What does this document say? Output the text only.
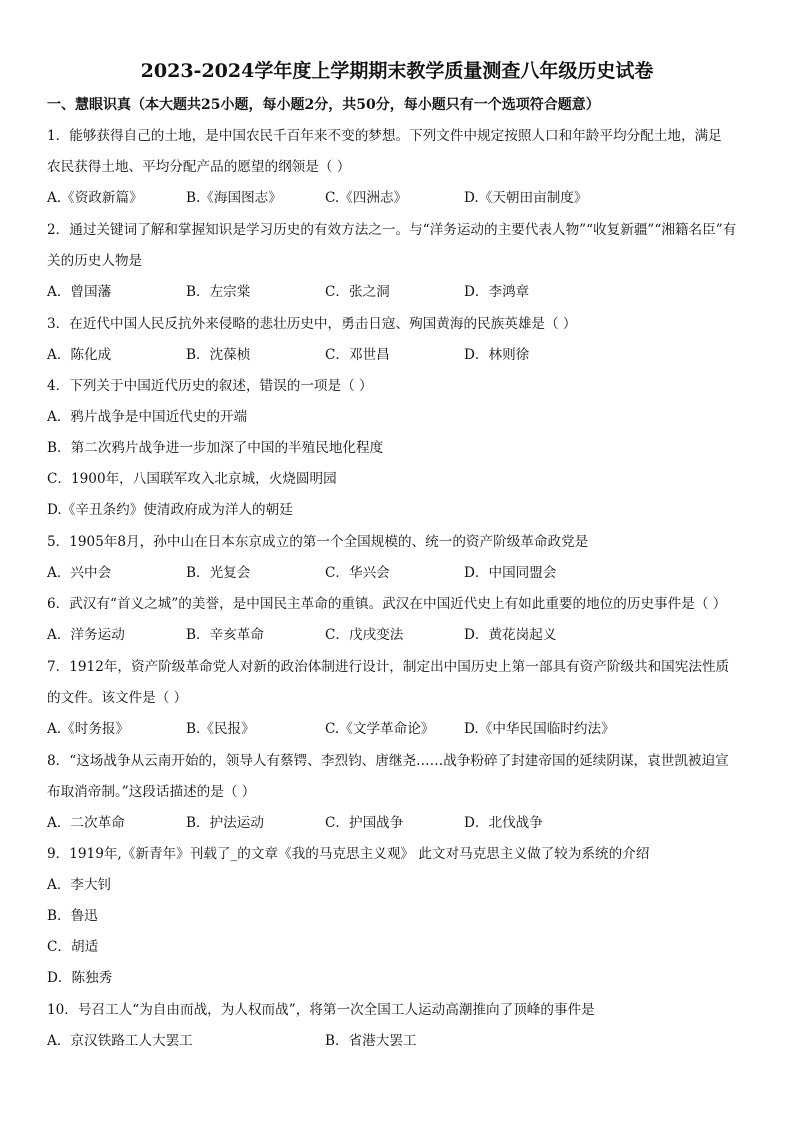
2023-2024学年度上学期期末教学质量测查八年级历史试卷
一、慧眼识真（本大题共25小题，每小题2分，共50分，每小题只有一个选项符合题意）
1．能够获得自己的土地，是中国农民千百年来不变的梦想。下列文件中规定按照人口和年龄平均分配土地，满足
农民获得土地、平均分配产品的愿望的纲领是（ ）
A.《资政新篇》	B.《海国图志》	C.《四洲志》	D.《天朝田亩制度》
2．通过关键词了解和掌握知识是学习历史的有效方法之一。与“洋务运动的主要代表人物”“收复新疆”“湘籍名臣”有
关的历史人物是
A．曾国藩	B．左宗棠	C．张之洞	D．李鸿章
3．在近代中国人民反抗外来侵略的悲壮历史中，勇击日寇、殉国黄海的民族英雄是（ ）
A．陈化成	B．沈葆桢	C．邓世昌	D．林则徐
4．下列关于中国近代历史的叙述，错误的一项是（ ）
A．鸦片战争是中国近代史的开端
B．第二次鸦片战争进一步加深了中国的半殖民地化程度
C．1900年，八国联军攻入北京城，火烧圆明园
D.《辛丑条约》使清政府成为洋人的朝廷
5．1905年8月，孙中山在日本东京成立的第一个全国规模的、统一的资产阶级革命政党是
A．兴中会	B．光复会	C．华兴会	D．中国同盟会
6．武汉有“首义之城”的美誉，是中国民主革命的重镇。武汉在中国近代史上有如此重要的地位的历史事件是（ ）
A．洋务运动	B．辛亥革命	C．戊戌变法	D．黄花岗起义
7．1912年，资产阶级革命党人对新的政治体制进行设计，制定出中国历史上第一部具有资产阶级共和国宪法性质
的文件。该文件是（ ）
A.《时务报》	B.《民报》	C.《文学革命论》 D.《中华民国临时约法》
8．“这场战争从云南开始的，领导人有蔡锷、李烈钧、唐继尧……战争粉碎了封建帝国的延续阴谋，袁世凯被迫宣
布取消帝制。”这段话描述的是（ ）
A．二次革命	B．护法运动	C．护国战争	D．北伐战争
9．1919年,《新青年》刊载了_的文章《我的马克思主义观》 此文对马克思主义做了较为系统的介绍
A．李大钊
B．鲁迅
C．胡适
D．陈独秀
10．号召工人“为自由而战，为人权而战”，将第一次全国工人运动高潮推向了顶峰的事件是
A．京汉铁路工人大罢工	B．省港大罢工
